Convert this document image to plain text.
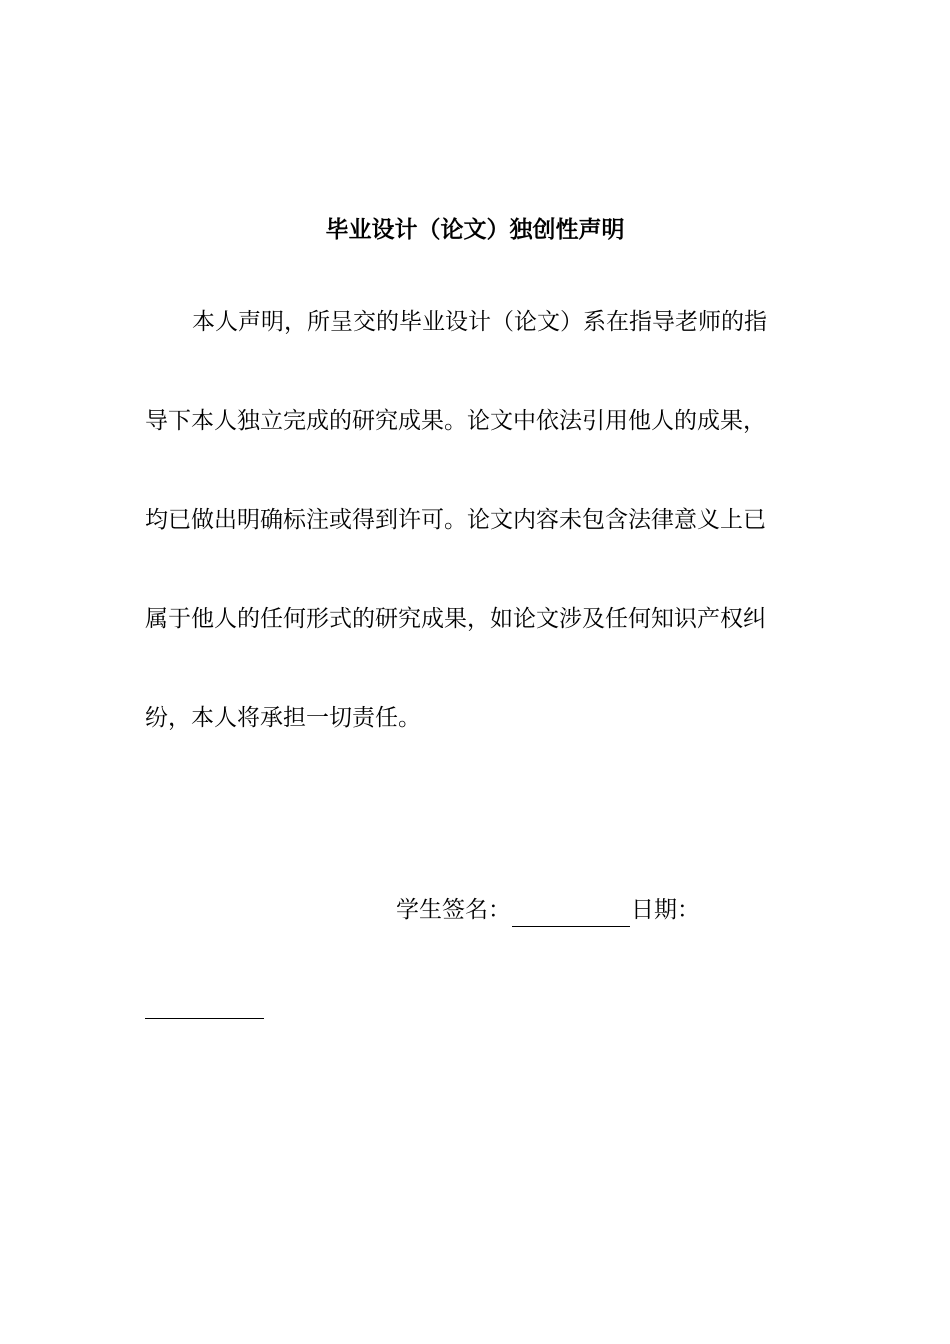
毕业设计（论文）独创性声明

本人声明，所呈交的毕业设计（论文）系在指导老师的指

导下本人独立完成的研究成果。论文中依法引用他人的成果，

均已做出明确标注或得到许可。论文内容未包含法律意义上已

属于他人的任何形式的研究成果，如论文涉及任何知识产权纠

纷，本人将承担一切责任。

学生签名：	日期：
